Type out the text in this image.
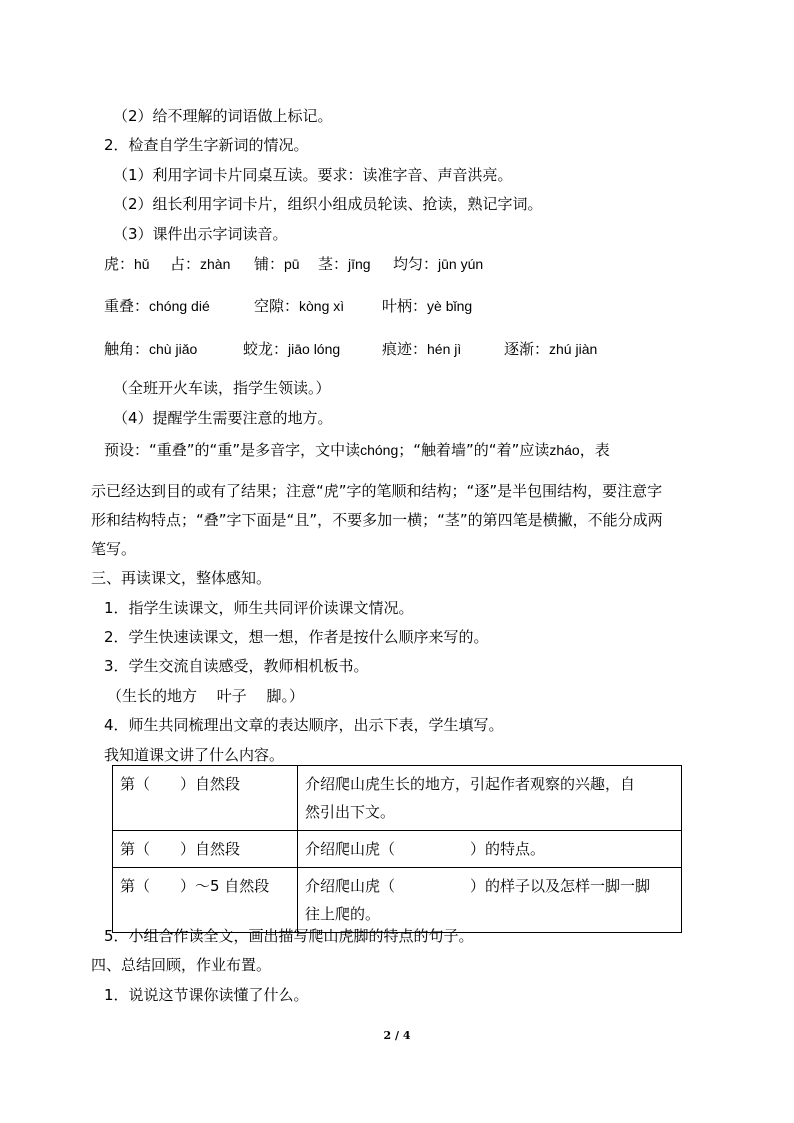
（2）给不理解的词语做上标记。
2．检查自学生字新词的情况。
（1）利用字词卡片同桌互读。要求：读准字音、声音洪亮。
（2）组长利用字词卡片，组织小组成员轮读、抢读，熟记字词。
（3）课件出示字词读音。
虎：hǔ 占：zhàn 铺：pū 茎：jīng 均匀：jūn yún
重叠：chóng dié	空隙：kòng xì	叶柄：yè bǐng
触角：chù jiǎo	蛟龙：jiāo lóng	痕迹：hén jì	逐渐：zhú jiàn
（全班开火车读，指学生领读。）
（4）提醒学生需要注意的地方。
预设：“重叠”的“重”是多音字，文中读chóng；“触着墙”的“着”应读zháo，表
示已经达到目的或有了结果；注意“虎”字的笔顺和结构；“逐”是半包围结构，要注意字
形和结构特点；“叠”字下面是“且”，不要多加一横；“茎”的第四笔是横撇，不能分成两
笔写。
三、再读课文，整体感知。
1．指学生读课文，师生共同评价读课文情况。
2．学生快速读课文，想一想，作者是按什么顺序来写的。
3．学生交流自读感受，教师相机板书。
（生长的地方　 叶子　 脚。）
4．师生共同梳理出文章的表达顺序，出示下表，学生填写。
我知道课文讲了什么内容。
第（　　）自然段	介绍爬山虎生长的地方，引起作者观察的兴趣，自
然引出下文。

第（　　）自然段	介绍爬山虎（　　　　　）的特点。

第（　　）～5 自然段	介绍爬山虎（　　　　　）的样子以及怎样一脚一脚
往上爬的。
5．小组合作读全文，画出描写爬山虎脚的特点的句子。
四、总结回顾，作业布置。
1．说说这节课你读懂了什么。
2 / 4
